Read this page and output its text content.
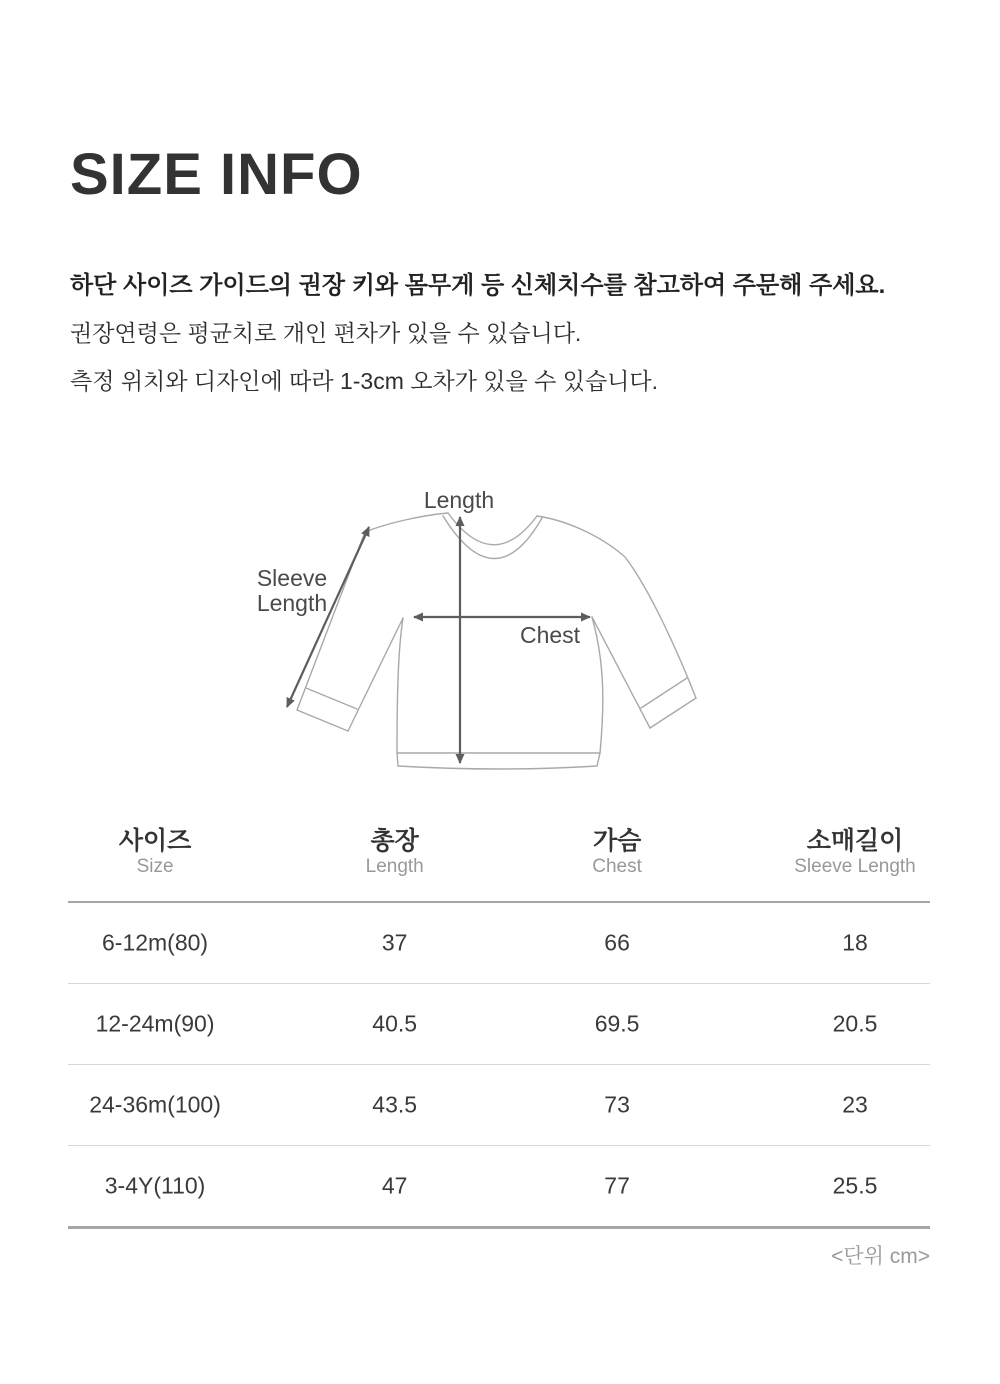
SIZE INFO

하단 사이즈 가이드의 권장 키와 몸무게 등 신체치수를 참고하여 주문해 주세요.

권장연령은 평균치로 개인 편차가 있을 수 있습니다.

측정 위치와 디자인에 따라 1-3cm 오차가 있을 수 있습니다.

Length
Sleeve
Length
Chest
사이즈	총장	가슴	소매길이
Size	Length	Chest	Sleeve Length
6-12m(80)	37	66	18
12-24m(90)	40.5	69.5	20.5
24-36m(100)	43.5	73	23
3-4Y(110)	47	77	25.5
<단위 cm>
